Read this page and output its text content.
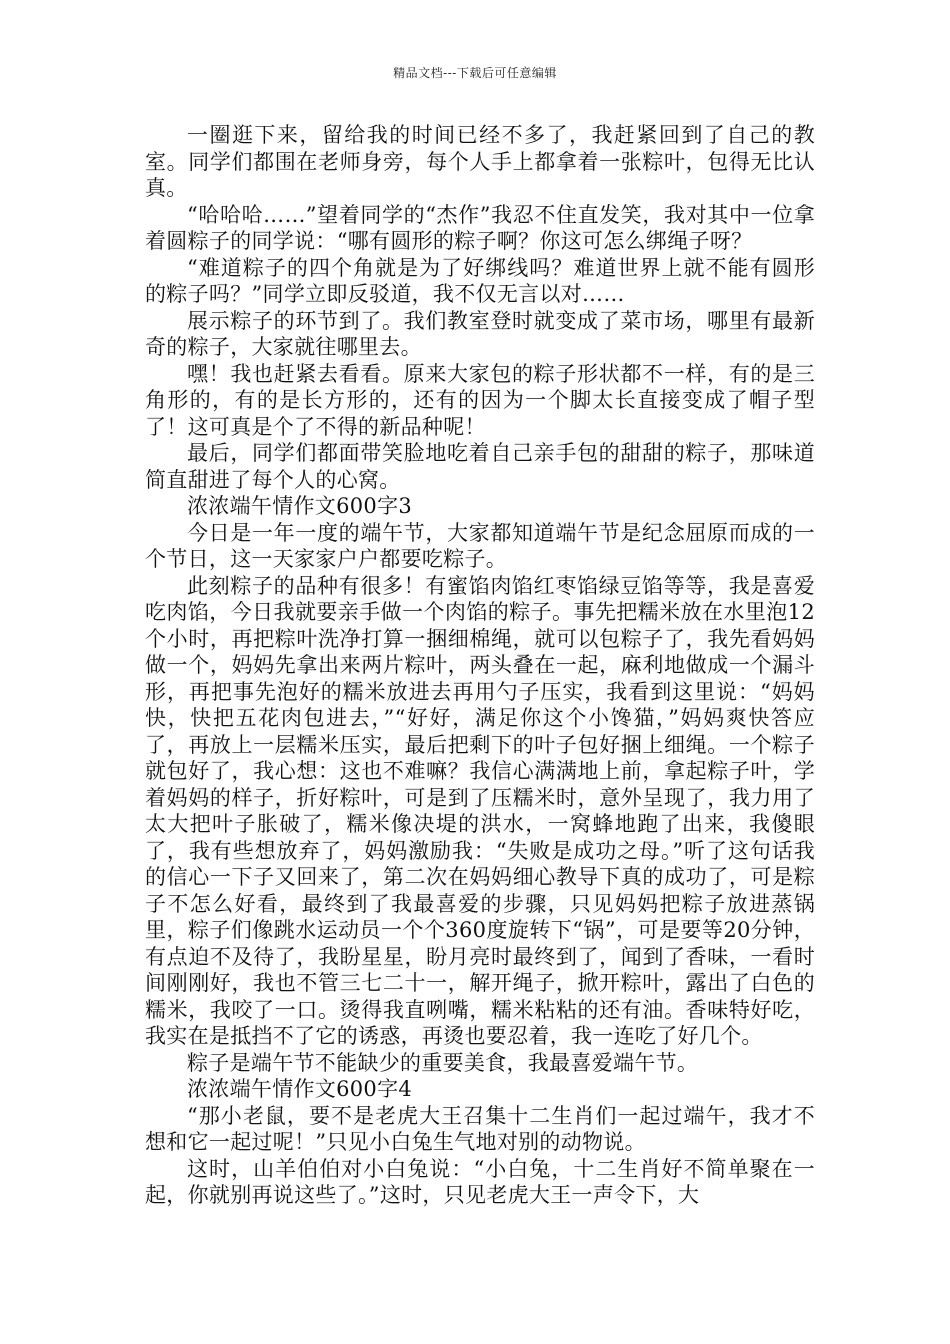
精品文档---下载后可任意编辑

一圈逛下来，留给我的时间已经不多了，我赶紧回到了自己的教室。同学们都围在老师身旁，每个人手上都拿着一张粽叶，包得无比认真。

“哈哈哈……”望着同学的“杰作”我忍不住直发笑，我对其中一位拿着圆粽子的同学说：“哪有圆形的粽子啊？你这可怎么绑绳子呀？

“难道粽子的四个角就是为了好绑线吗？难道世界上就不能有圆形的粽子吗？”同学立即反驳道，我不仅无言以对……

展示粽子的环节到了。我们教室登时就变成了菜市场，哪里有最新奇的粽子，大家就往哪里去。

嘿！我也赶紧去看看。原来大家包的粽子形状都不一样，有的是三角形的，有的是长方形的，还有的因为一个脚太长直接变成了帽子型了！这可真是个了不得的新品种呢！

最后，同学们都面带笑脸地吃着自己亲手包的甜甜的粽子，那味道简直甜进了每个人的心窝。

浓浓端午情作文600字3

今日是一年一度的端午节，大家都知道端午节是纪念屈原而成的一个节日，这一天家家户户都要吃粽子。

此刻粽子的品种有很多！有蜜馅肉馅红枣馅绿豆馅等等，我是喜爱吃肉馅，今日我就要亲手做一个肉馅的粽子。事先把糯米放在水里泡12个小时，再把粽叶洗净打算一捆细棉绳，就可以包粽子了，我先看妈妈做一个，妈妈先拿出来两片粽叶，两头叠在一起，麻利地做成一个漏斗形，再把事先泡好的糯米放进去再用勺子压实，我看到这里说：“妈妈快，快把五花肉包进去，”“好好，满足你这个小馋猫，”妈妈爽快答应了，再放上一层糯米压实，最后把剩下的叶子包好捆上细绳。一个粽子就包好了，我心想：这也不难嘛？我信心满满地上前，拿起粽子叶，学着妈妈的样子，折好粽叶，可是到了压糯米时，意外呈现了，我力用了太大把叶子胀破了，糯米像决堤的洪水，一窝蜂地跑了出来，我傻眼了，我有些想放弃了，妈妈激励我：“失败是成功之母。”听了这句话我的信心一下子又回来了，第二次在妈妈细心教导下真的成功了，可是粽子不怎么好看，最终到了我最喜爱的步骤，只见妈妈把粽子放进蒸锅里，粽子们像跳水运动员一个个360度旋转下“锅”，可是要等20分钟，有点迫不及待了，我盼星星，盼月亮时最终到了，闻到了香味，一看时间刚刚好，我也不管三七二十一，解开绳子，掀开粽叶，露出了白色的糯米，我咬了一口。烫得我直咧嘴，糯米粘粘的还有油。香味特好吃，我实在是抵挡不了它的诱惑，再烫也要忍着，我一连吃了好几个。

粽子是端午节不能缺少的重要美食，我最喜爱端午节。

浓浓端午情作文600字4

“那小老鼠，要不是老虎大王召集十二生肖们一起过端午，我才不想和它一起过呢！”只见小白兔生气地对别的动物说。

这时，山羊伯伯对小白兔说：“小白兔，十二生肖好不简单聚在一起，你就别再说这些了。”这时，只见老虎大王一声令下，大
